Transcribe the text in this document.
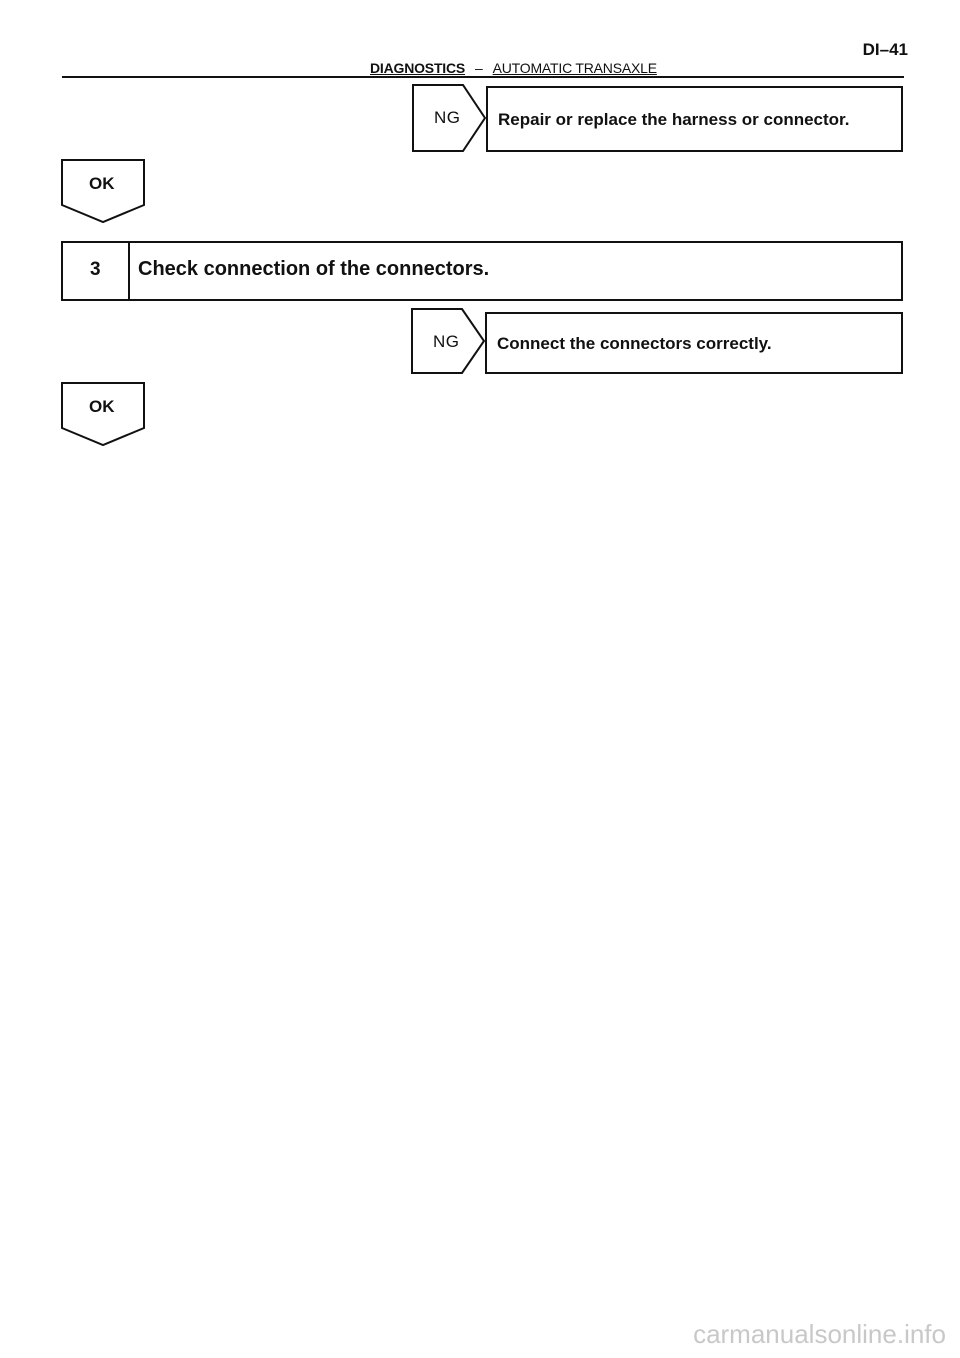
DI–41
DIAGNOSTICS – AUTOMATIC TRANSAXLE
NG Repair or replace the harness or connector.
OK
3 Check connection of the connectors.
NG Connect the connectors correctly.
OK
carmanualsonline.info
